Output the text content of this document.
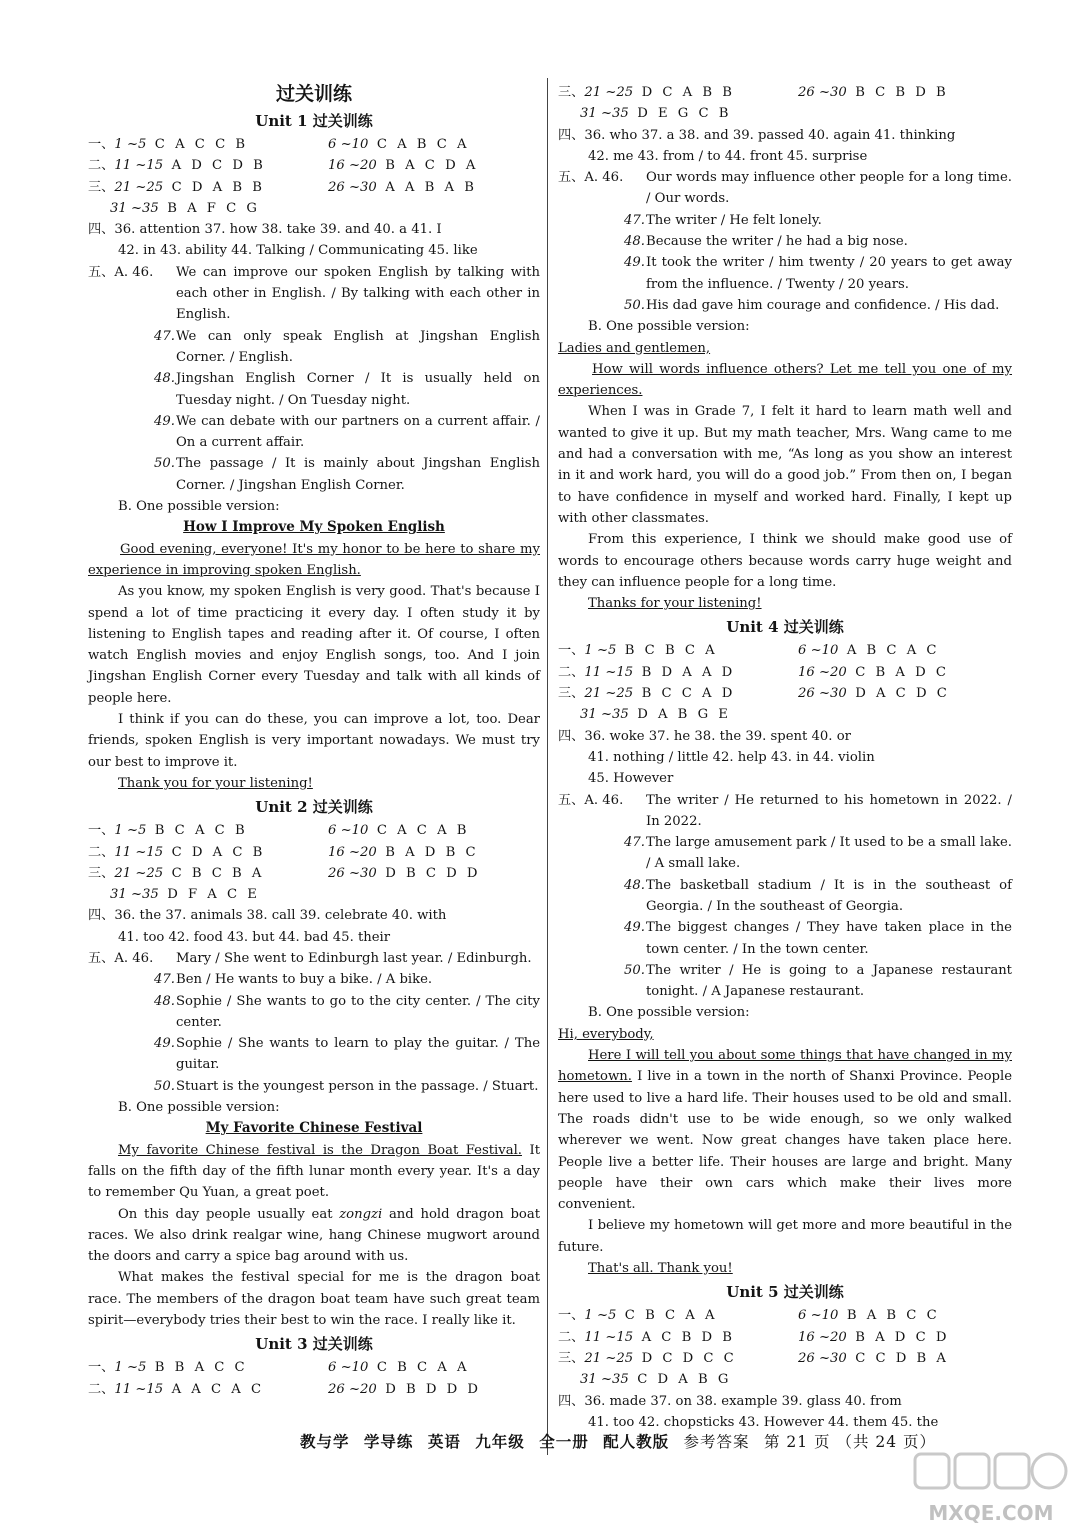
过关训练
Unit 1 过关训练
一、1 ~5 C A C C B	6 ~10 C A B C A
二、11 ~15 A D C D B	16 ~20 B A C D A
三、21 ~25 C D A B B	26 ~30 A A B A B
31 ~35 B A F C G
四、36. attention 37. how 38. take 39. and 40. a 41. I
42. in 43. ability 44. Talking / Communicating 45. like
五、A. 46. We can improve our spoken English by talking with each other in English. / By talking with each other in English.
47.We can only speak English at Jingshan English Corner. / English.
48.Jingshan English Corner / It is usually held on Tuesday night. / On Tuesday night.
49.We can debate with our partners on a current affair. / On a current affair.
50.The passage / It is mainly about Jingshan English Corner. / Jingshan English Corner.
B. One possible version:
How I Improve My Spoken English
Good evening, everyone! It's my honor to be here to share my experience in improving spoken English.
As you know, my spoken English is very good. That's because I spend a lot of time practicing it every day. I often study it by listening to English tapes and reading after it. Of course, I often watch English movies and enjoy English songs, too. And I join Jingshan English Corner every Tuesday and talk with all kinds of people here.
I think if you can do these, you can improve a lot, too. Dear friends, spoken English is very important nowadays. We must try our best to improve it.
Thank you for your listening!
Unit 2 过关训练
一、1 ~5 B C A C B	6 ~10 C A C A B
二、11 ~15 C D A C B	16 ~20 B A D B C
三、21 ~25 C B C B A	26 ~30 D B C D D
31 ~35 D F A C E
四、36. the 37. animals 38. call 39. celebrate 40. with
41. too 42. food 43. but 44. bad 45. their
五、A. 46. Mary / She went to Edinburgh last year. / Edinburgh.
47.Ben / He wants to buy a bike. / A bike.
48.Sophie / She wants to go to the city center. / The city center.
49.Sophie / She wants to learn to play the guitar. / The guitar.
50.Stuart is the youngest person in the passage. / Stuart.
B. One possible version:
My Favorite Chinese Festival
My favorite Chinese festival is the Dragon Boat Festival. It falls on the fifth day of the fifth lunar month every year. It's a day to remember Qu Yuan, a great poet.
On this day people usually eat zongzi and hold dragon boat races. We also drink realgar wine, hang Chinese mugwort around the doors and carry a spice bag around with us.
What makes the festival special for me is the dragon boat race. The members of the dragon boat team have such great team spirit—everybody tries their best to win the race. I really like it.
Unit 3 过关训练
一、1 ~5 B B A C C	6 ~10 C B C A A
二、11 ~15 A A C A C	26 ~20 D B D D D
三、21 ~25 D C A B B	26 ~30 B C B D B
31 ~35 D E G C B
四、36. who 37. a 38. and 39. passed 40. again 41. thinking
42. me 43. from / to 44. front 45. surprise
五、A. 46. Our words may influence other people for a long time. / Our words.
47.The writer / He felt lonely.
48.Because the writer / he had a big nose.
49.It took the writer / him twenty / 20 years to get away from the influence. / Twenty / 20 years.
50.His dad gave him courage and confidence. / His dad.
B. One possible version:
Ladies and gentlemen,
How will words influence others? Let me tell you one of my experiences.
When I was in Grade 7, I felt it hard to learn math well and wanted to give it up. But my math teacher, Mrs. Wang came to me and had a conversation with me, “As long as you show an interest in it and work hard, you will do a good job.” From then on, I began to have confidence in myself and worked hard. Finally, I kept up with other classmates.
From this experience, I think we should make good use of words to encourage others because words carry huge weight and they can influence people for a long time.
Thanks for your listening!
Unit 4 过关训练
一、1 ~5 B C B C A	6 ~10 A B C A C
二、11 ~15 B D A A D	16 ~20 C B A D C
三、21 ~25 B C C A D	26 ~30 D A C D C
31 ~35 D A B G E
四、36. woke 37. he 38. the 39. spent 40. or
41. nothing / little 42. help 43. in 44. violin
45. However
五、A. 46. The writer / He returned to his hometown in 2022. / In 2022.
47.The large amusement park / It used to be a small lake. / A small lake.
48.The basketball stadium / It is in the southeast of Georgia. / In the southeast of Georgia.
49.The biggest changes / They have taken place in the town center. / In the town center.
50.The writer / He is going to a Japanese restaurant tonight. / A Japanese restaurant.
B. One possible version:
Hi, everybody,
Here I will tell you about some things that have changed in my hometown. I live in a town in the north of Shanxi Province. People here used to live a hard life. Their houses used to be old and small. The roads didn't use to be wide enough, so we only walked wherever we went. Now great changes have taken place here. People live a better life. Their houses are large and bright. Many people have their own cars which make their lives more convenient.
I believe my hometown will get more and more beautiful in the future.
That's all. Thank you!
Unit 5 过关训练
一、1 ~5 C B C A A	6 ~10 B A B C C
二、11 ~15 A C B D B	16 ~20 B A D C D
三、21 ~25 D C D C C	26 ~30 C C D B A
31 ~35 C D A B G
四、36. made 37. on 38. example 39. glass 40. from
41. too 42. chopsticks 43. However 44. them 45. the
教与学 学导练 英语 九年级 全一册 配人教版 参考答案 第 21 页 （共 24 页）
MXQE.COM
